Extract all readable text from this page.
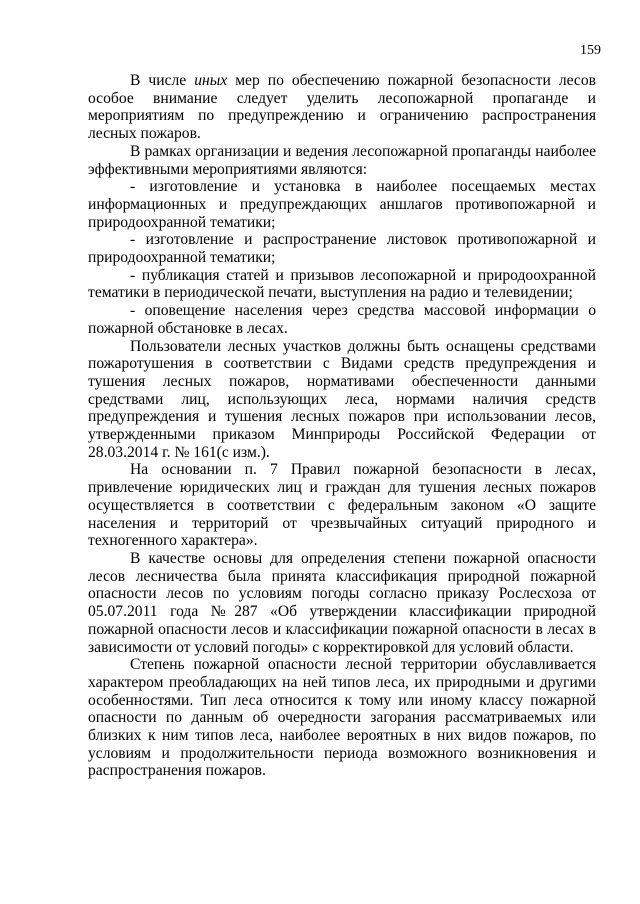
159

В числе иных мер по обеспечению пожарной безопасности лесов особое внимание следует уделить лесопожарной пропаганде и мероприятиям по предупреждению и ограничению распространения лесных пожаров.

В рамках организации и ведения лесопожарной пропаганды наиболее эффективными мероприятиями являются:

- изготовление и установка в наиболее посещаемых местах информационных и предупреждающих аншлагов противопожарной и природоохранной тематики;

- изготовление и распространение листовок противопожарной и природоохранной тематики;

- публикация статей и призывов лесопожарной и природоохранной тематики в периодической печати, выступления на радио и телевидении;

- оповещение населения через средства массовой информации о пожарной обстановке в лесах.

Пользователи лесных участков должны быть оснащены средствами пожаротушения в соответствии с Видами средств предупреждения и тушения лесных пожаров, нормативами обеспеченности данными средствами лиц, использующих леса, нормами наличия средств предупреждения и тушения лесных пожаров при использовании лесов, утвержденными приказом Минприроды Российской Федерации от 28.03.2014 г. № 161(с изм.).

На основании п. 7 Правил пожарной безопасности в лесах, привлечение юридических лиц и граждан для тушения лесных пожаров осуществляется в соответствии с федеральным законом «О защите населения и территорий от чрезвычайных ситуаций природного и техногенного характера».

В качестве основы для определения степени пожарной опасности лесов лесничества была принята классификация природной пожарной опасности лесов по условиям погоды согласно приказу Рослесхоза от 05.07.2011 года №287 «Об утверждении классификации природной пожарной опасности лесов и классификации пожарной опасности в лесах в зависимости от условий погоды» с корректировкой для условий области.

Степень пожарной опасности лесной территории обуславливается характером преобладающих на ней типов леса, их природными и другими особенностями. Тип леса относится к тому или иному классу пожарной опасности по данным об очередности загорания рассматриваемых или близких к ним типов леса, наиболее вероятных в них видов пожаров, по условиям и продолжительности периода возможного возникновения и распространения пожаров.
